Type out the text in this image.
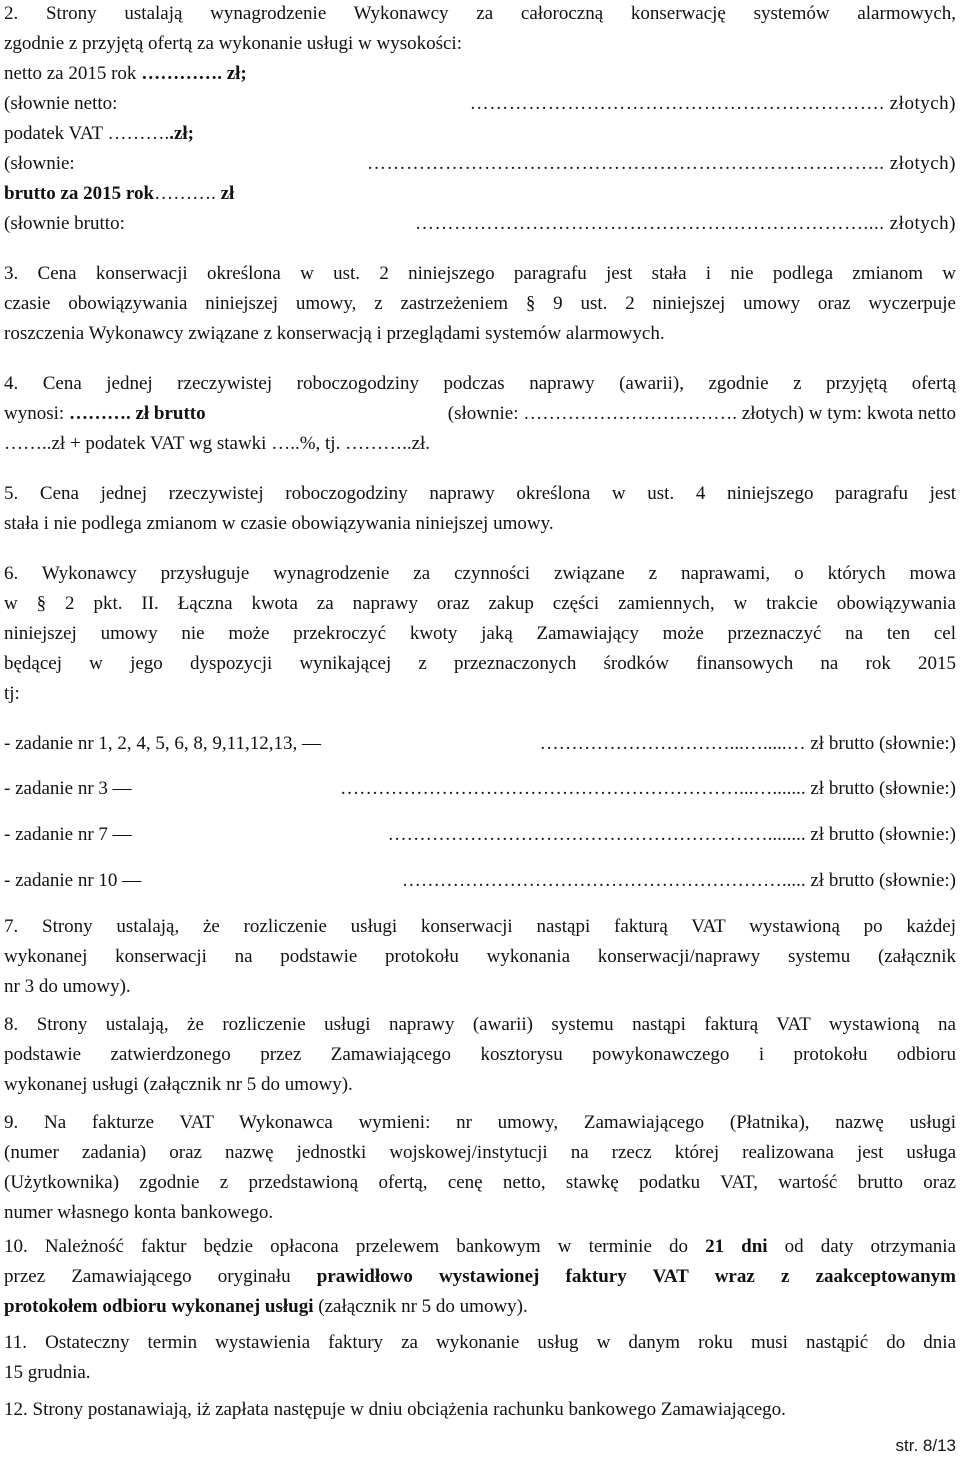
2. Strony ustalają wynagrodzenie Wykonawcy za całoroczną konserwację systemów alarmowych,
zgodnie z przyjętą ofertą za wykonanie usługi w wysokości:
netto za 2015 rok …………. zł;
(słownie netto:	………………………………………………………. złotych)
podatek VAT ………..zł;
(słownie:	…………………………………………………………………….. złotych)
brutto za 2015 rok………. zł
(słownie brutto:	…………………………………………………………….... złotych)
3. Cena konserwacji określona w ust. 2 niniejszego paragrafu jest stała i nie podlega zmianom w
czasie obowiązywania niniejszej umowy, z zastrzeżeniem § 9 ust. 2 niniejszej umowy oraz wyczerpuje
roszczenia Wykonawcy związane z konserwacją i przeglądami systemów alarmowych.
4. Cena jednej rzeczywistej roboczogodziny podczas naprawy (awarii), zgodnie z przyjętą ofertą
wynosi: ………. zł brutto	(słownie: ……………………………. złotych) w tym: kwota netto
……..zł + podatek VAT wg stawki …..%, tj. ………..zł.
5. Cena jednej rzeczywistej roboczogodziny naprawy określona w ust. 4 niniejszego paragrafu jest
stała i nie podlega zmianom w czasie obowiązywania niniejszej umowy.
6. Wykonawcy przysługuje wynagrodzenie za czynności związane z naprawami, o których mowa
w § 2 pkt. II. Łączna kwota za naprawy oraz zakup części zamiennych, w trakcie obowiązywania
niniejszej umowy nie może przekroczyć kwoty jaką Zamawiający może przeznaczyć na ten cel
będącej w jego dyspozycji wynikającej z przeznaczonych środków finansowych na rok 2015
tj:
- zadanie nr 1, 2, 4, 5, 6, 8, 9,11,12,13, —	…………………………...….....… zł brutto (słownie:)
- zadanie nr 3 —	………………………………………………………...…....... zł brutto (słownie:)
- zadanie nr 7 —	……………………………………………………........ zł brutto (słownie:)
- zadanie nr 10 —	……………………………………………………..... zł brutto (słownie:)
7. Strony ustalają, że rozliczenie usługi konserwacji nastąpi fakturą VAT wystawioną po każdej
wykonanej konserwacji na podstawie protokołu wykonania konserwacji/naprawy systemu (załącznik
nr 3 do umowy).
8. Strony ustalają, że rozliczenie usługi naprawy (awarii) systemu nastąpi fakturą VAT wystawioną na
podstawie zatwierdzonego przez Zamawiającego kosztorysu powykonawczego i protokołu odbioru
wykonanej usługi (załącznik nr 5 do umowy).
9. Na fakturze VAT Wykonawca wymieni: nr umowy, Zamawiającego (Płatnika), nazwę usługi
(numer zadania) oraz nazwę jednostki wojskowej/instytucji na rzecz której realizowana jest usługa
(Użytkownika) zgodnie z przedstawioną ofertą, cenę netto, stawkę podatku VAT, wartość brutto oraz
numer własnego konta bankowego.
10. Należność faktur będzie opłacona przelewem bankowym w terminie do 21 dni od daty otrzymania
przez Zamawiającego oryginału prawidłowo wystawionej faktury VAT wraz z zaakceptowanym
protokołem odbioru wykonanej usługi (załącznik nr 5 do umowy).
11. Ostateczny termin wystawienia faktury za wykonanie usług w danym roku musi nastąpić do dnia
15 grudnia.
12. Strony postanawiają, iż zapłata następuje w dniu obciążenia rachunku bankowego Zamawiającego.
str. 8/13
